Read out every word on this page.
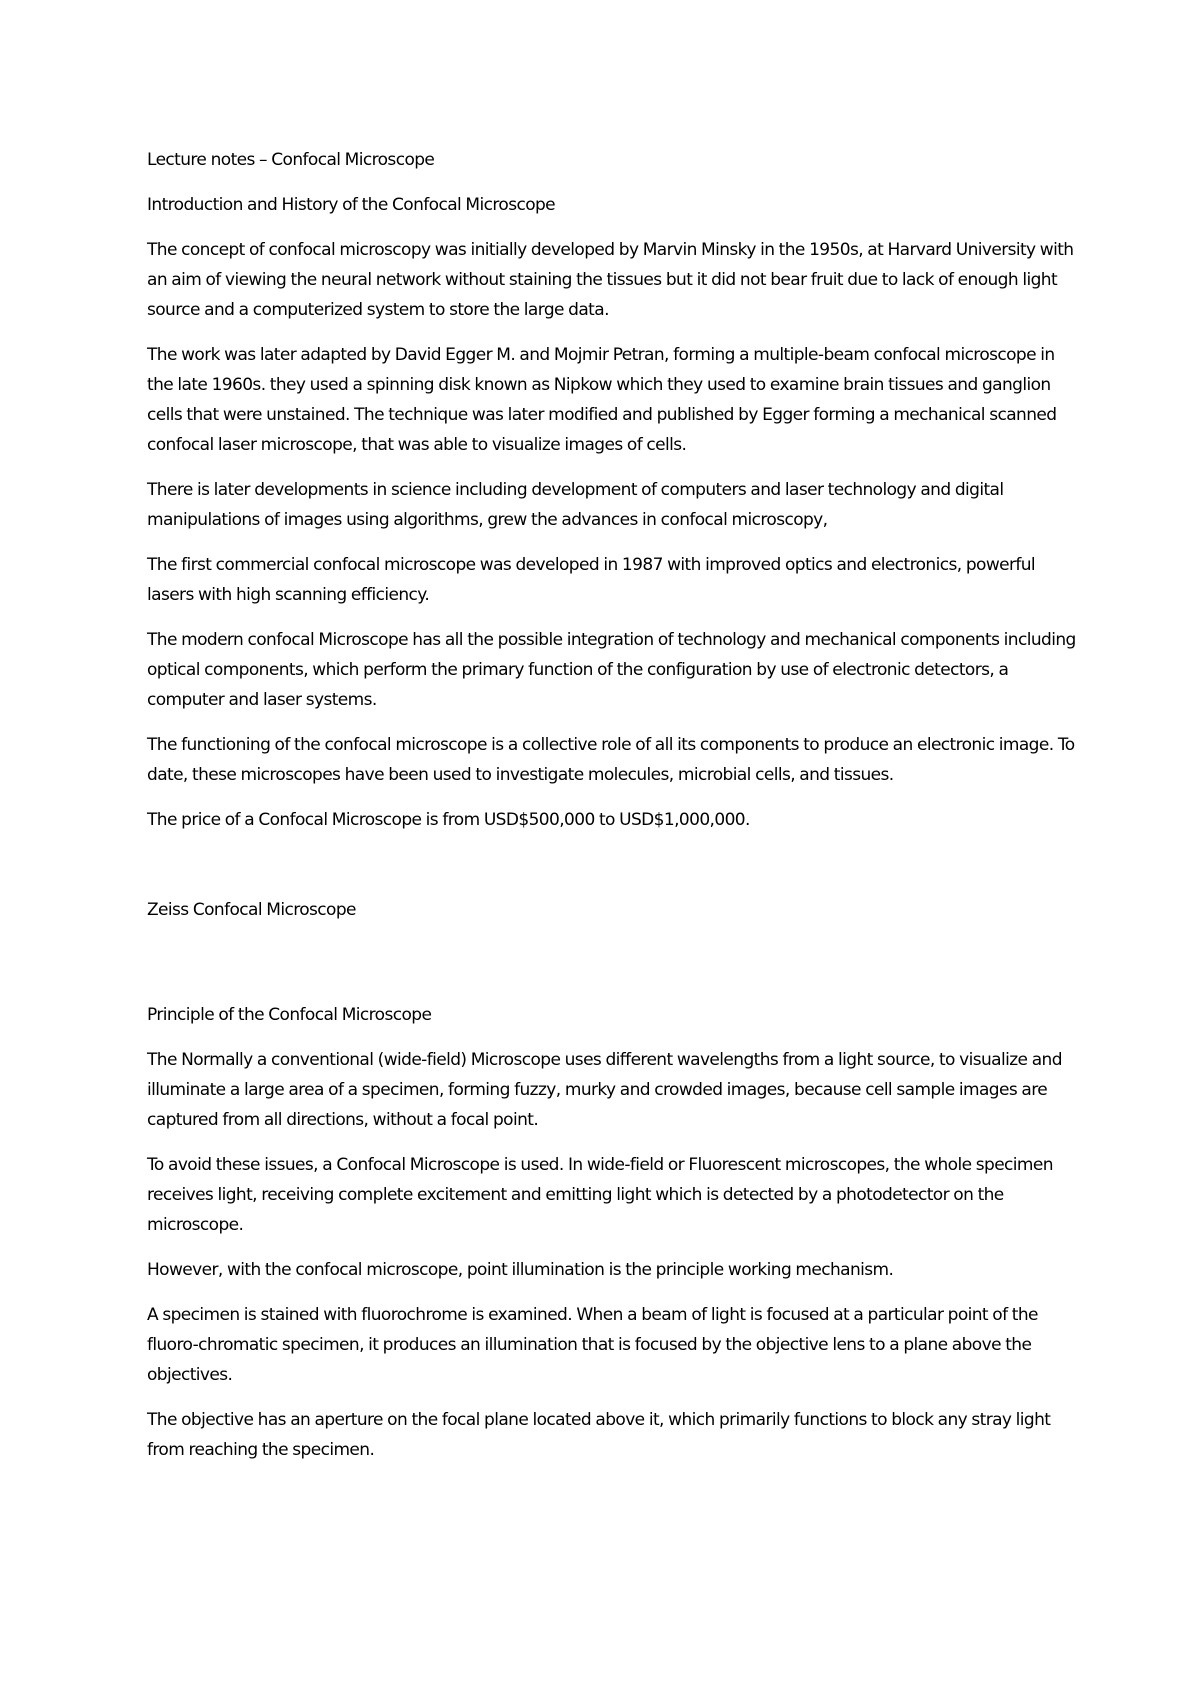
Lecture notes – Confocal Microscope

Introduction and History of the Confocal Microscope

The concept of confocal microscopy was initially developed by Marvin Minsky in the 1950s, at Harvard University with an aim of viewing the neural network without staining the tissues but it did not bear fruit due to lack of enough light source and a computerized system to store the large data.

The work was later adapted by David Egger M. and Mojmir Petran, forming a multiple-beam confocal microscope in the late 1960s. they used a spinning disk known as Nipkow which they used to examine brain tissues and ganglion cells that were unstained. The technique was later modified and published by Egger forming a mechanical scanned confocal laser microscope, that was able to visualize images of cells.

There is later developments in science including development of computers and laser technology and digital manipulations of images using algorithms, grew the advances in confocal microscopy,

The first commercial confocal microscope was developed in 1987 with improved optics and electronics, powerful lasers with high scanning efficiency.

The modern confocal Microscope has all the possible integration of technology and mechanical components including optical components, which perform the primary function of the configuration by use of electronic detectors, a computer and laser systems.

The functioning of the confocal microscope is a collective role of all its components to produce an electronic image. To date, these microscopes have been used to investigate molecules, microbial cells, and tissues.

The price of a Confocal Microscope is from USD$500,000 to USD$1,000,000.

Zeiss Confocal Microscope

Principle of the Confocal Microscope

The Normally a conventional (wide-field) Microscope uses different wavelengths from a light source, to visualize and illuminate a large area of a specimen, forming fuzzy, murky and crowded images, because cell sample images are captured from all directions, without a focal point.

To avoid these issues, a Confocal Microscope is used. In wide-field or Fluorescent microscopes, the whole specimen receives light, receiving complete excitement and emitting light which is detected by a photodetector on the microscope.

However, with the confocal microscope, point illumination is the principle working mechanism.

A specimen is stained with fluorochrome is examined. When a beam of light is focused at a particular point of the fluoro-chromatic specimen, it produces an illumination that is focused by the objective lens to a plane above the objectives.

The objective has an aperture on the focal plane located above it, which primarily functions to block any stray light from reaching the specimen.
